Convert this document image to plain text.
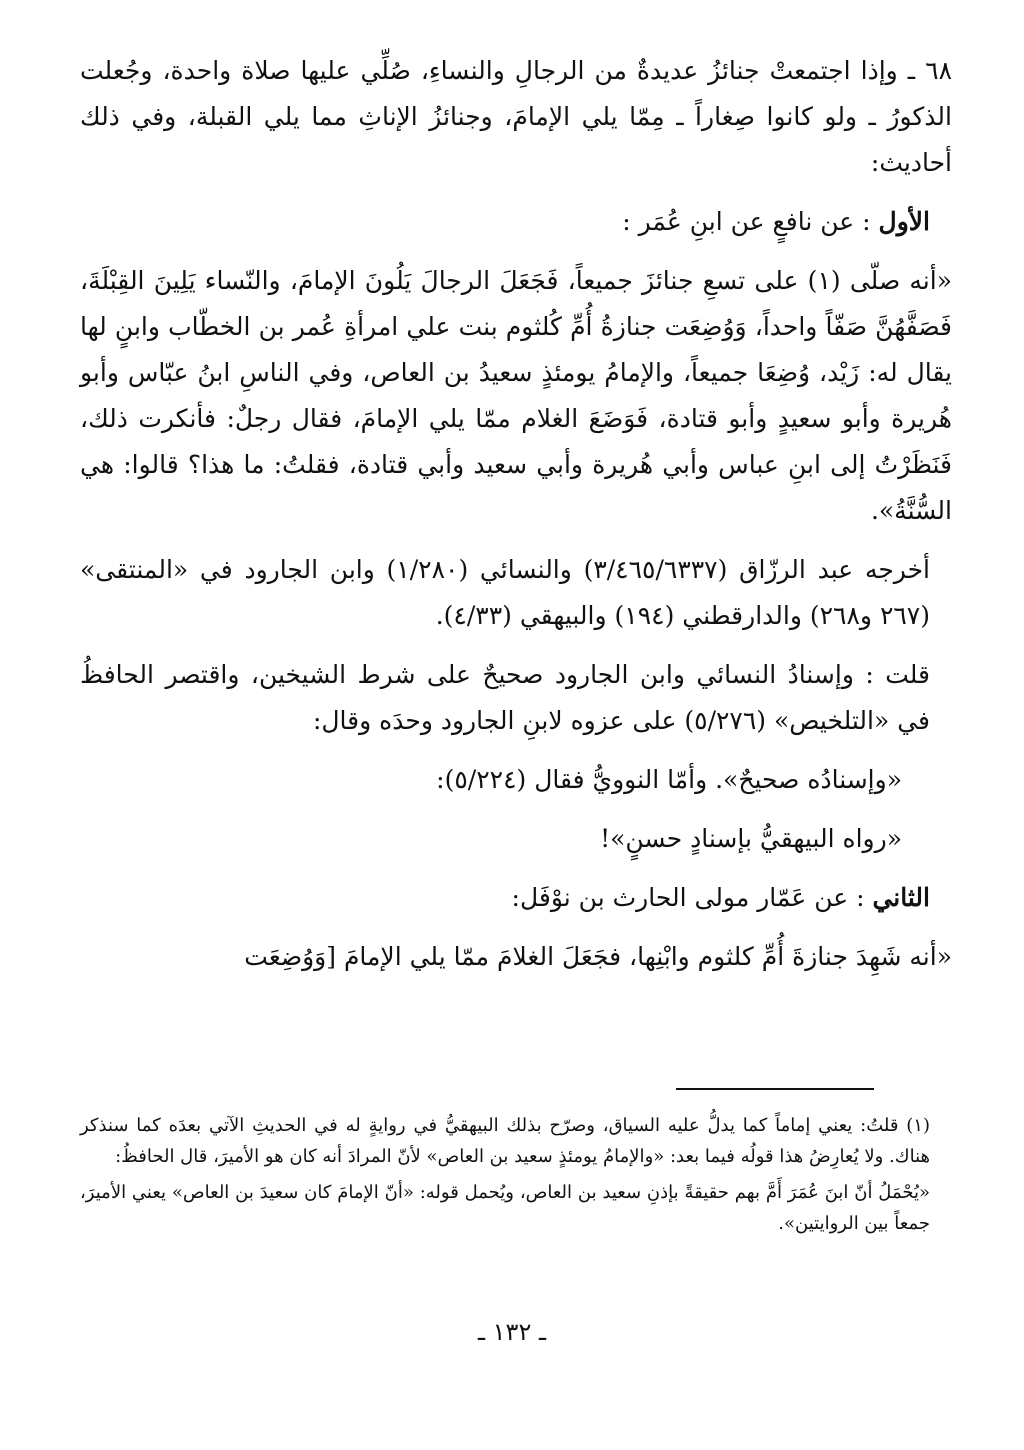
٦٨ ـ وإذا اجتمعتْ جنائزُ عديدةٌ من الرجالِ والنساءِ، صُلِّي عليها صلاة واحدة، وجُعلت الذكورُ ـ ولو كانوا صِغاراً ـ مِمّا يلي الإمامَ، وجنائزُ الإناثِ مما يلي القبلة، وفي ذلك أحاديث:

الأول : عن نافعٍ عن ابنِ عُمَر :

«أنه صلّى (١) على تسعِ جنائزَ جميعاً، فَجَعَلَ الرجالَ يَلُونَ الإمامَ، والنّساء يَلِينَ القِبْلَةَ، فَصَفَّهُنَّ صَفّاً واحداً، وَوُضِعَت جنازةُ أُمِّ كُلثوم بنت علي امرأةِ عُمر بن الخطّاب وابنٍ لها يقال له: زَيْد، وُضِعَا جميعاً، والإمامُ يومئذٍ سعيدُ بن العاص، وفي الناسِ ابنُ عبّاس وأبو هُريرة وأبو سعيدٍ وأبو قتادة، فَوَضَعَ الغلام ممّا يلي الإمامَ، فقال رجلٌ: فأنكرت ذلك، فَنَظَرْتُ إلى ابنِ عباس وأبي هُريرة وأبي سعيد وأبي قتادة، فقلتُ: ما هذا؟ قالوا: هي السُّنَّةُ».

أخرجه عبد الرزّاق (٣/٤٦٥/٦٣٣٧) والنسائي (١/٢٨٠) وابن الجارود في «المنتقى» (٢٦٧ و٢٦٨) والدارقطني (١٩٤) والبيهقي (٤/٣٣).

قلت : وإسنادُ النسائي وابن الجارود صحيحٌ على شرط الشيخين، واقتصر الحافظُ في «التلخيص» (٥/٢٧٦) على عزوه لابنِ الجارود وحدَه وقال:

«وإسنادُه صحيحٌ». وأمّا النوويُّ فقال (٥/٢٢٤):

«رواه البيهقيُّ بإسنادٍ حسنٍ»!

الثاني : عن عَمّار مولى الحارث بن نوْفَل:

«أنه شَهِدَ جنازةَ أُمِّ كلثوم وابْنِها، فجَعَلَ الغلامَ ممّا يلي الإمامَ [وَوُضِعَت

(١) قلتُ: يعني إماماً كما يدلُّ عليه السياق، وصرّح بذلك البيهقيُّ في روايةٍ له في الحديثِ الآتي بعدَه كما سنذكر هناك. ولا يُعارِضُ هذا قولُه فيما بعد: «والإمامُ يومئذٍ سعيد بن العاص» لأنّ المرادَ أنه كان هو الأميرَ، قال الحافظُ:

«يُحْمَلُ أنّ ابنَ عُمَرَ أَمَّ بهم حقيقةً بإذنِ سعيد بن العاص، ويُحمل قوله: «أنّ الإمامَ كان سعيدَ بن العاص» يعني الأميرَ، جمعاً بين الروايتين».

ـ ١٣٢ ـ
